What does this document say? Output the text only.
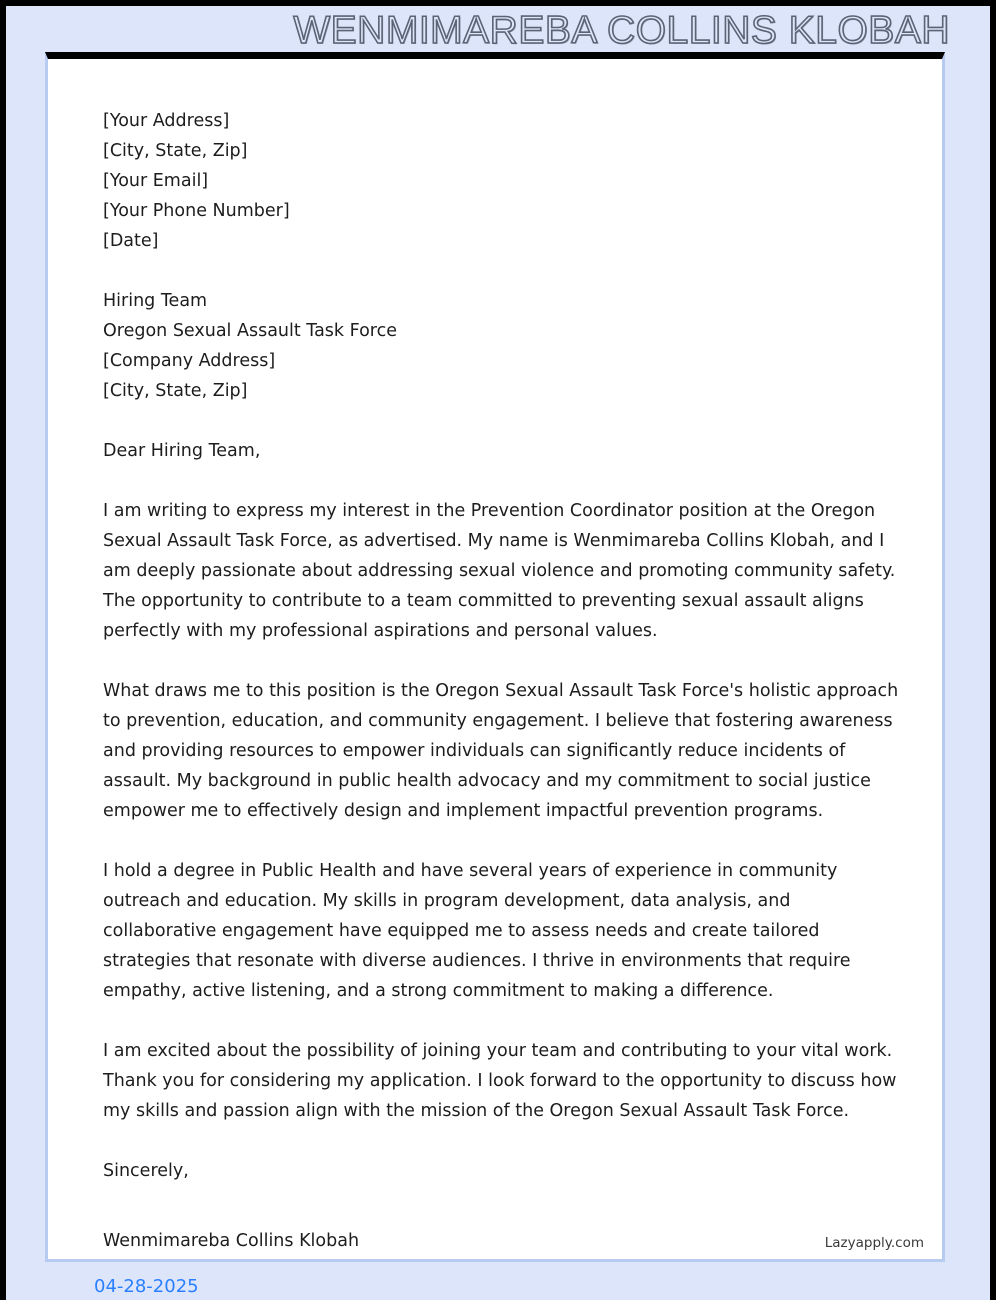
WENMIMAREBA COLLINS KLOBAH
[Your Address]
[City, State, Zip]
[Your Email]
[Your Phone Number]
[Date]
Hiring Team
Oregon Sexual Assault Task Force
[Company Address]
[City, State, Zip]
Dear Hiring Team,

I am writing to express my interest in the Prevention Coordinator position at the Oregon Sexual Assault Task Force, as advertised. My name is Wenmimareba Collins Klobah, and I am deeply passionate about addressing sexual violence and promoting community safety. The opportunity to contribute to a team committed to preventing sexual assault aligns perfectly with my professional aspirations and personal values.

What draws me to this position is the Oregon Sexual Assault Task Force's holistic approach to prevention, education, and community engagement. I believe that fostering awareness and providing resources to empower individuals can significantly reduce incidents of assault. My background in public health advocacy and my commitment to social justice empower me to effectively design and implement impactful prevention programs.

I hold a degree in Public Health and have several years of experience in community outreach and education. My skills in program development, data analysis, and collaborative engagement have equipped me to assess needs and create tailored strategies that resonate with diverse audiences. I thrive in environments that require empathy, active listening, and a strong commitment to making a difference.

I am excited about the possibility of joining your team and contributing to your vital work. Thank you for considering my application. I look forward to the opportunity to discuss how my skills and passion align with the mission of the Oregon Sexual Assault Task Force.

Sincerely,
Wenmimareba Collins Klobah	Lazyapply.com
04-28-2025
